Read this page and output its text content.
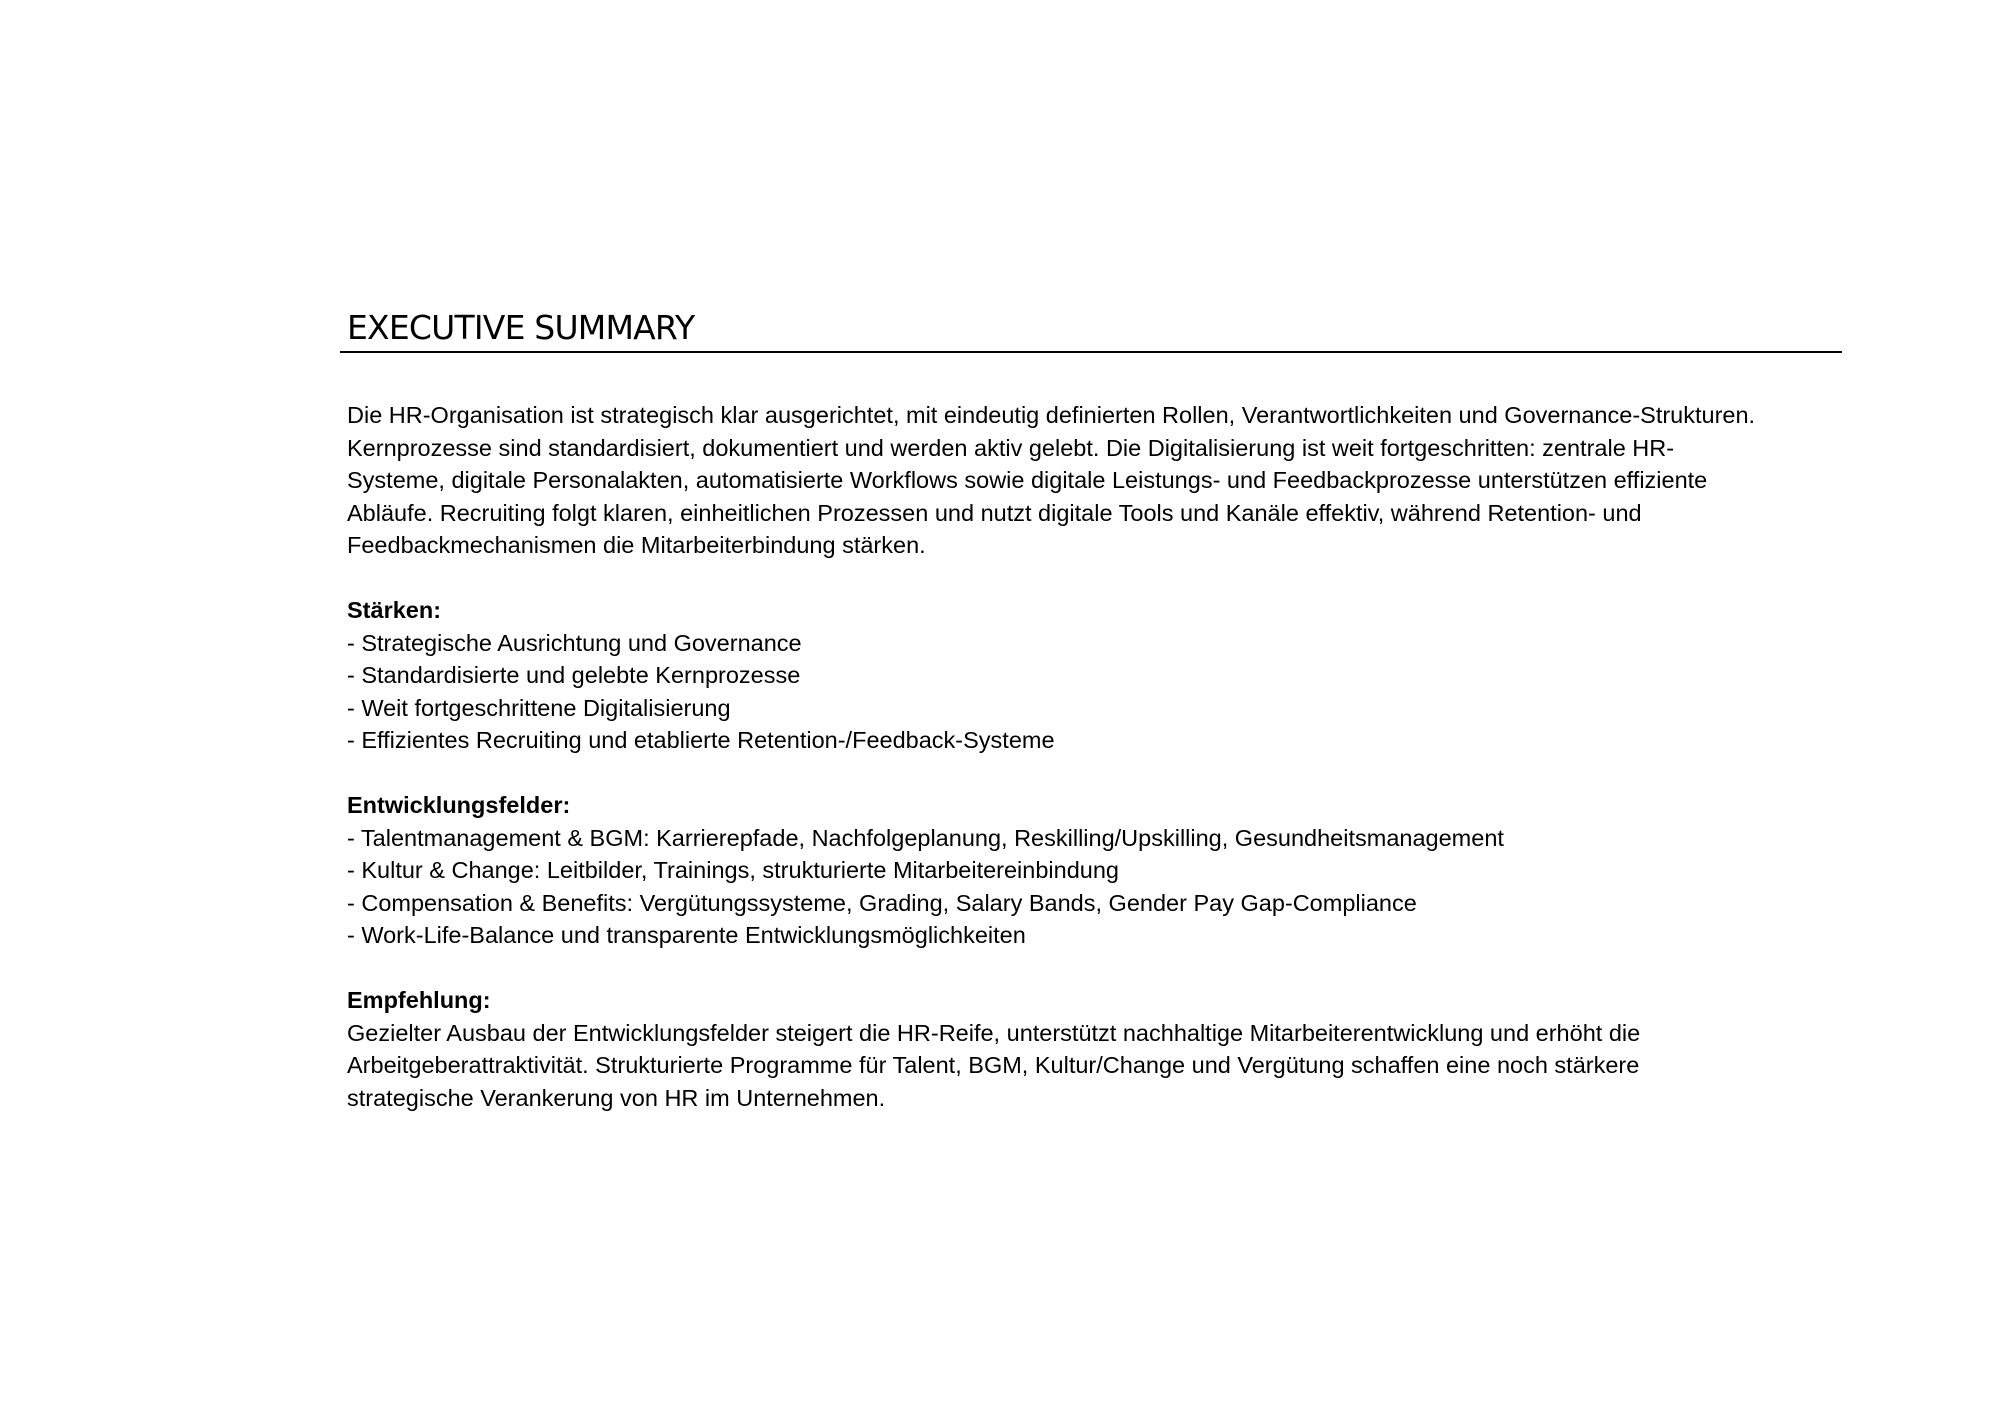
EXECUTIVE SUMMARY

Die HR-Organisation ist strategisch klar ausgerichtet, mit eindeutig definierten Rollen, Verantwortlichkeiten und Governance-Strukturen.
Kernprozesse sind standardisiert, dokumentiert und werden aktiv gelebt. Die Digitalisierung ist weit fortgeschritten: zentrale HR-
Systeme, digitale Personalakten, automatisierte Workflows sowie digitale Leistungs- und Feedbackprozesse unterstützen effiziente
Abläufe. Recruiting folgt klaren, einheitlichen Prozessen und nutzt digitale Tools und Kanäle effektiv, während Retention- und
Feedbackmechanismen die Mitarbeiterbindung stärken.

Stärken:

- Strategische Ausrichtung und Governance
- Standardisierte und gelebte Kernprozesse
- Weit fortgeschrittene Digitalisierung
- Effizientes Recruiting und etablierte Retention-/Feedback-Systeme

Entwicklungsfelder:

- Talentmanagement & BGM: Karrierepfade, Nachfolgeplanung, Reskilling/Upskilling, Gesundheitsmanagement
- Kultur & Change: Leitbilder, Trainings, strukturierte Mitarbeitereinbindung
- Compensation & Benefits: Vergütungssysteme, Grading, Salary Bands, Gender Pay Gap-Compliance
- Work-Life-Balance und transparente Entwicklungsmöglichkeiten

Empfehlung:

Gezielter Ausbau der Entwicklungsfelder steigert die HR-Reife, unterstützt nachhaltige Mitarbeiterentwicklung und erhöht die
Arbeitgeberattraktivität. Strukturierte Programme für Talent, BGM, Kultur/Change und Vergütung schaffen eine noch stärkere
strategische Verankerung von HR im Unternehmen.
